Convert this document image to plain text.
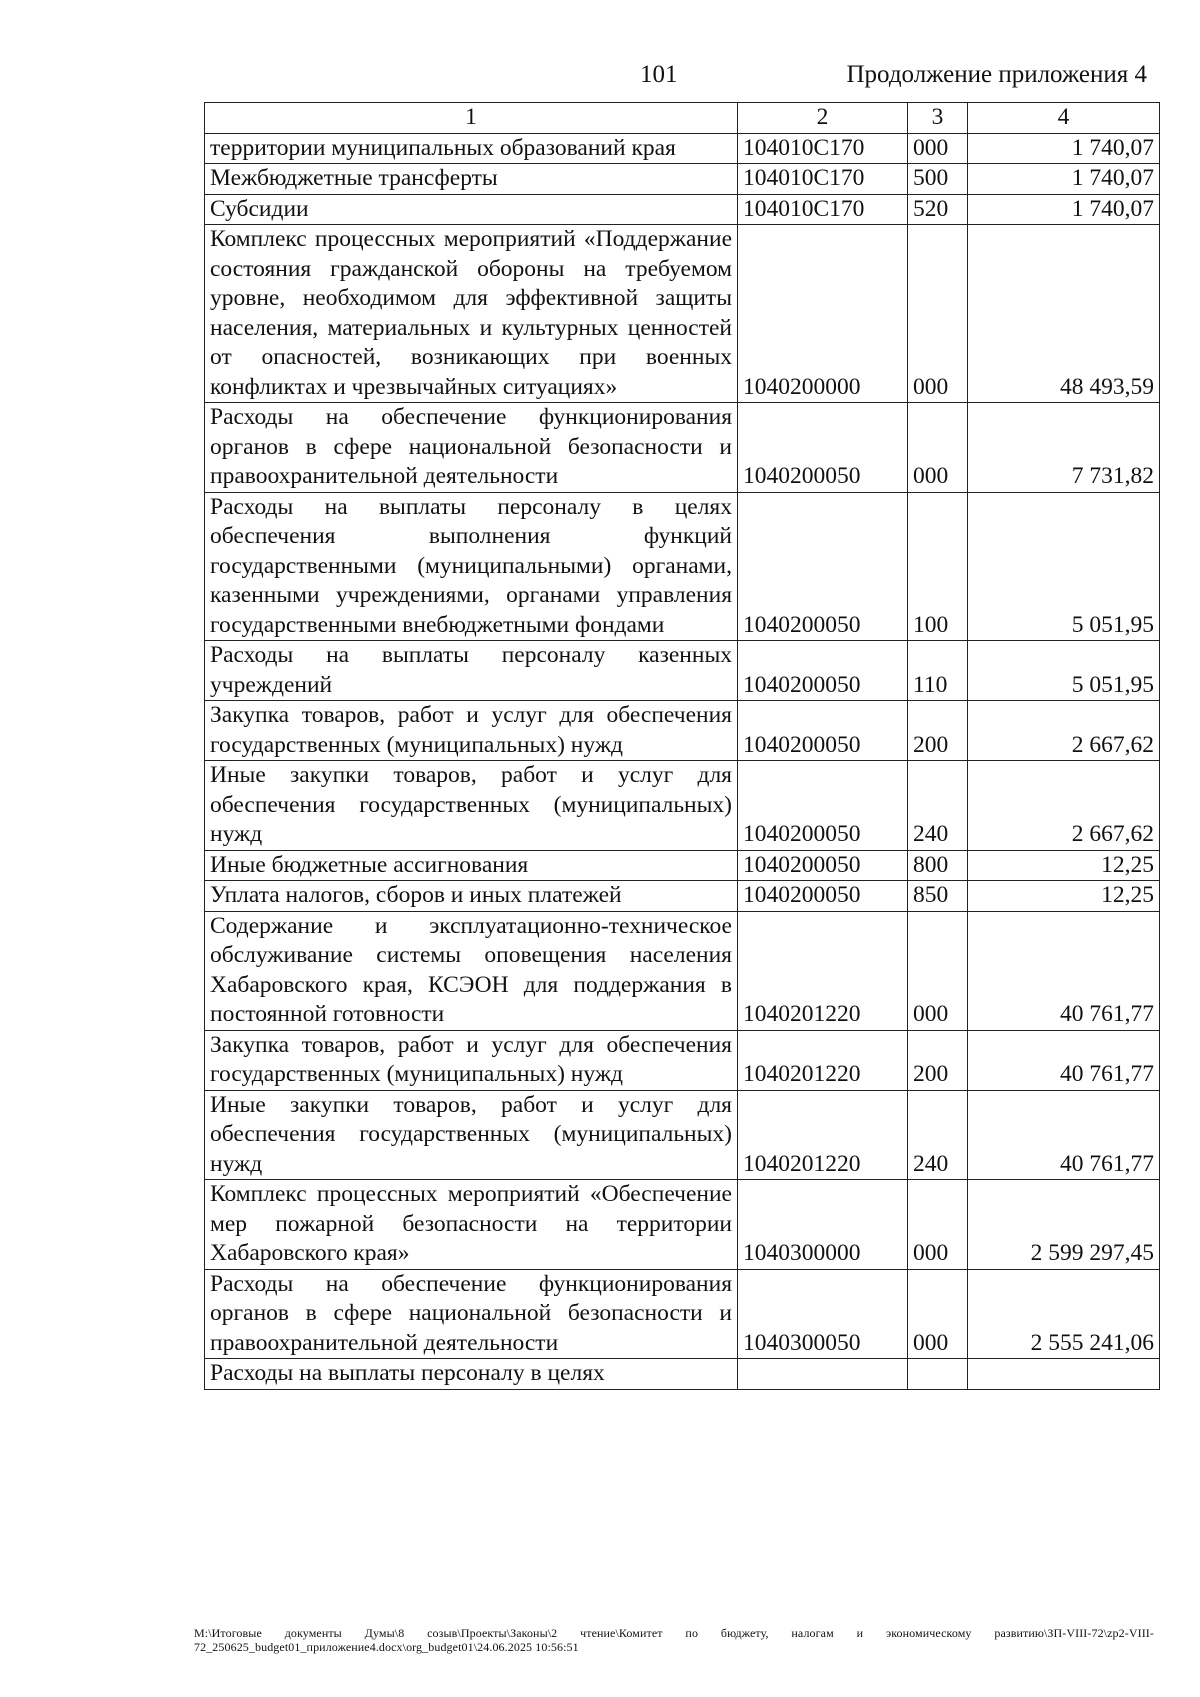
101	Продолжение приложения 4
1	2	3	4
территории муниципальных образований края	104010С170	000	1 740,07
Межбюджетные трансферты	104010С170	500	1 740,07
Субсидии	104010С170	520	1 740,07
Комплекс процессных мероприятий «Поддержание состояния гражданской обороны на требуемом уровне, необходимом для эффективной защиты населения, материальных и культурных ценностей от опасностей, возникающих при военных конфликтах и чрезвычайных ситуациях»	1040200000	000	48 493,59
Расходы на обеспечение функционирования органов в сфере национальной безопасности и правоохранительной деятельности	1040200050	000	7 731,82
Расходы на выплаты персоналу в целях обеспечения выполнения функций государственными (муниципальными) органами, казенными учреждениями, органами управления государственными внебюджетными фондами	1040200050	100	5 051,95
Расходы на выплаты персоналу казенных учреждений	1040200050	110	5 051,95
Закупка товаров, работ и услуг для обеспечения государственных (муниципальных) нужд	1040200050	200	2 667,62
Иные закупки товаров, работ и услуг для обеспечения государственных (муниципальных) нужд	1040200050	240	2 667,62
Иные бюджетные ассигнования	1040200050	800	12,25
Уплата налогов, сборов и иных платежей	1040200050	850	12,25
Содержание и эксплуатационно-техническое обслуживание системы оповещения населения Хабаровского края, КСЭОН для поддержания в постоянной готовности	1040201220	000	40 761,77
Закупка товаров, работ и услуг для обеспечения государственных (муниципальных) нужд	1040201220	200	40 761,77
Иные закупки товаров, работ и услуг для обеспечения государственных (муниципальных) нужд	1040201220	240	40 761,77
Комплекс процессных мероприятий «Обеспечение мер пожарной безопасности на территории Хабаровского края»	1040300000	000	2 599 297,45
Расходы на обеспечение функционирования органов в сфере национальной безопасности и правоохранительной деятельности	1040300050	000	2 555 241,06
Расходы на выплаты персоналу в целях			
М:\Итоговые документы Думы\8 созыв\Проекты\Законы\2 чтение\Комитет по бюджету, налогам и экономическому развитию\ЗП-VIII-72\zp2-VIII-72_250625_budget01_приложение4.docx\org_budget01\24.06.2025 10:56:51
